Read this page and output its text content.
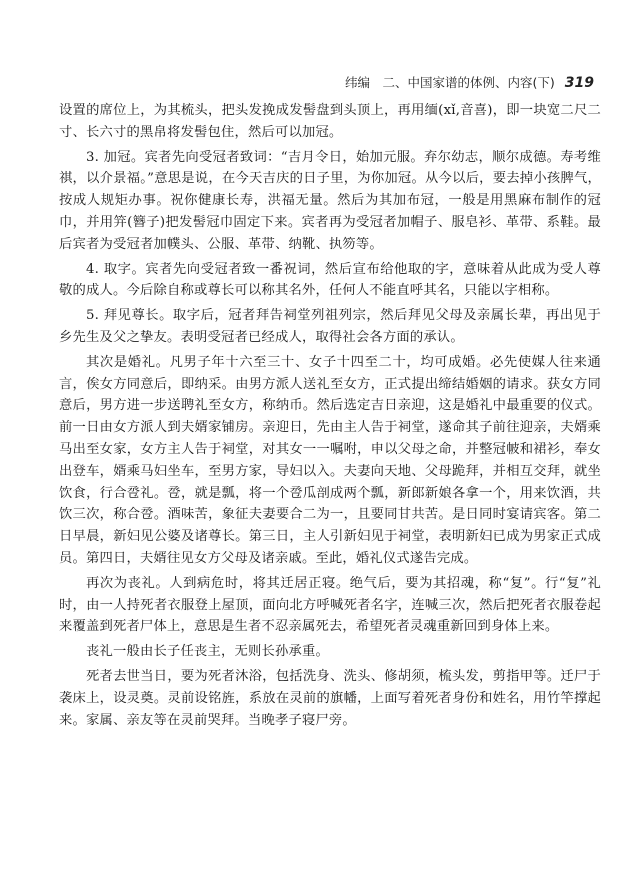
纬编　二、中国家谱的体例、内容(下) 319

设置的席位上，为其梳头，把头发挽成发髻盘到头顶上，再用缅(xǐ,音喜)，即一块宽二尺二寸、长六寸的黑帛将发髻包住，然后可以加冠。

3. 加冠。宾者先向受冠者致词：“吉月令日，始加元服。弃尔幼志，顺尔成德。寿考维祺，以介景福。”意思是说，在今天吉庆的日子里，为你加冠。从今以后，要去掉小孩脾气，按成人规矩办事。祝你健康长寿，洪福无量。然后为其加布冠，一般是用黑麻布制作的冠巾，并用笄(簪子)把发髻冠巾固定下来。宾者再为受冠者加帽子、服皂衫、革带、系鞋。最后宾者为受冠者加幞头、公服、革带、纳靴、执笏等。

4. 取字。宾者先向受冠者致一番祝词，然后宣布给他取的字，意味着从此成为受人尊敬的成人。今后除自称或尊长可以称其名外，任何人不能直呼其名，只能以字相称。

5. 拜见尊长。取字后，冠者拜告祠堂列祖列宗，然后拜见父母及亲属长辈，再出见于乡先生及父之挚友。表明受冠者已经成人，取得社会各方面的承认。

其次是婚礼。凡男子年十六至三十、女子十四至二十，均可成婚。必先使媒人往来通言，俟女方同意后，即纳采。由男方派人送礼至女方，正式提出缔结婚姻的请求。获女方同意后，男方进一步送聘礼至女方，称纳币。然后选定吉日亲迎，这是婚礼中最重要的仪式。前一日由女方派人到夫婿家铺房。亲迎日，先由主人告于祠堂，遂命其子前往迎亲，夫婿乘马出至女家，女方主人告于祠堂，对其女一一嘱咐，申以父母之命，并整冠帔和裙衫，奉女出登车，婿乘马妇坐车，至男方家，导妇以入。夫妻向天地、父母跪拜，并相互交拜，就坐饮食，行合卺礼。卺，就是瓢，将一个卺瓜剖成两个瓢，新郎新娘各拿一个，用来饮酒，共饮三次，称合卺。酒味苦，象征夫妻要合二为一，且要同甘共苦。是日同时宴请宾客。第二日早晨，新妇见公婆及诸尊长。第三日，主人引新妇见于祠堂，表明新妇已成为男家正式成员。第四日，夫婿往见女方父母及诸亲戚。至此，婚礼仪式遂告完成。

再次为丧礼。人到病危时，将其迁居正寝。绝气后，要为其招魂，称“复”。行“复”礼时，由一人持死者衣服登上屋顶，面向北方呼喊死者名字，连喊三次，然后把死者衣服卷起来覆盖到死者尸体上，意思是生者不忍亲属死去，希望死者灵魂重新回到身体上来。

丧礼一般由长子任丧主，无则长孙承重。

死者去世当日，要为死者沐浴，包括洗身、洗头、修胡须，梳头发，剪指甲等。迁尸于袭床上，设灵奠。灵前设铭旌，系放在灵前的旗幡，上面写着死者身份和姓名，用竹竿撑起来。家属、亲友等在灵前哭拜。当晚孝子寝尸旁。
